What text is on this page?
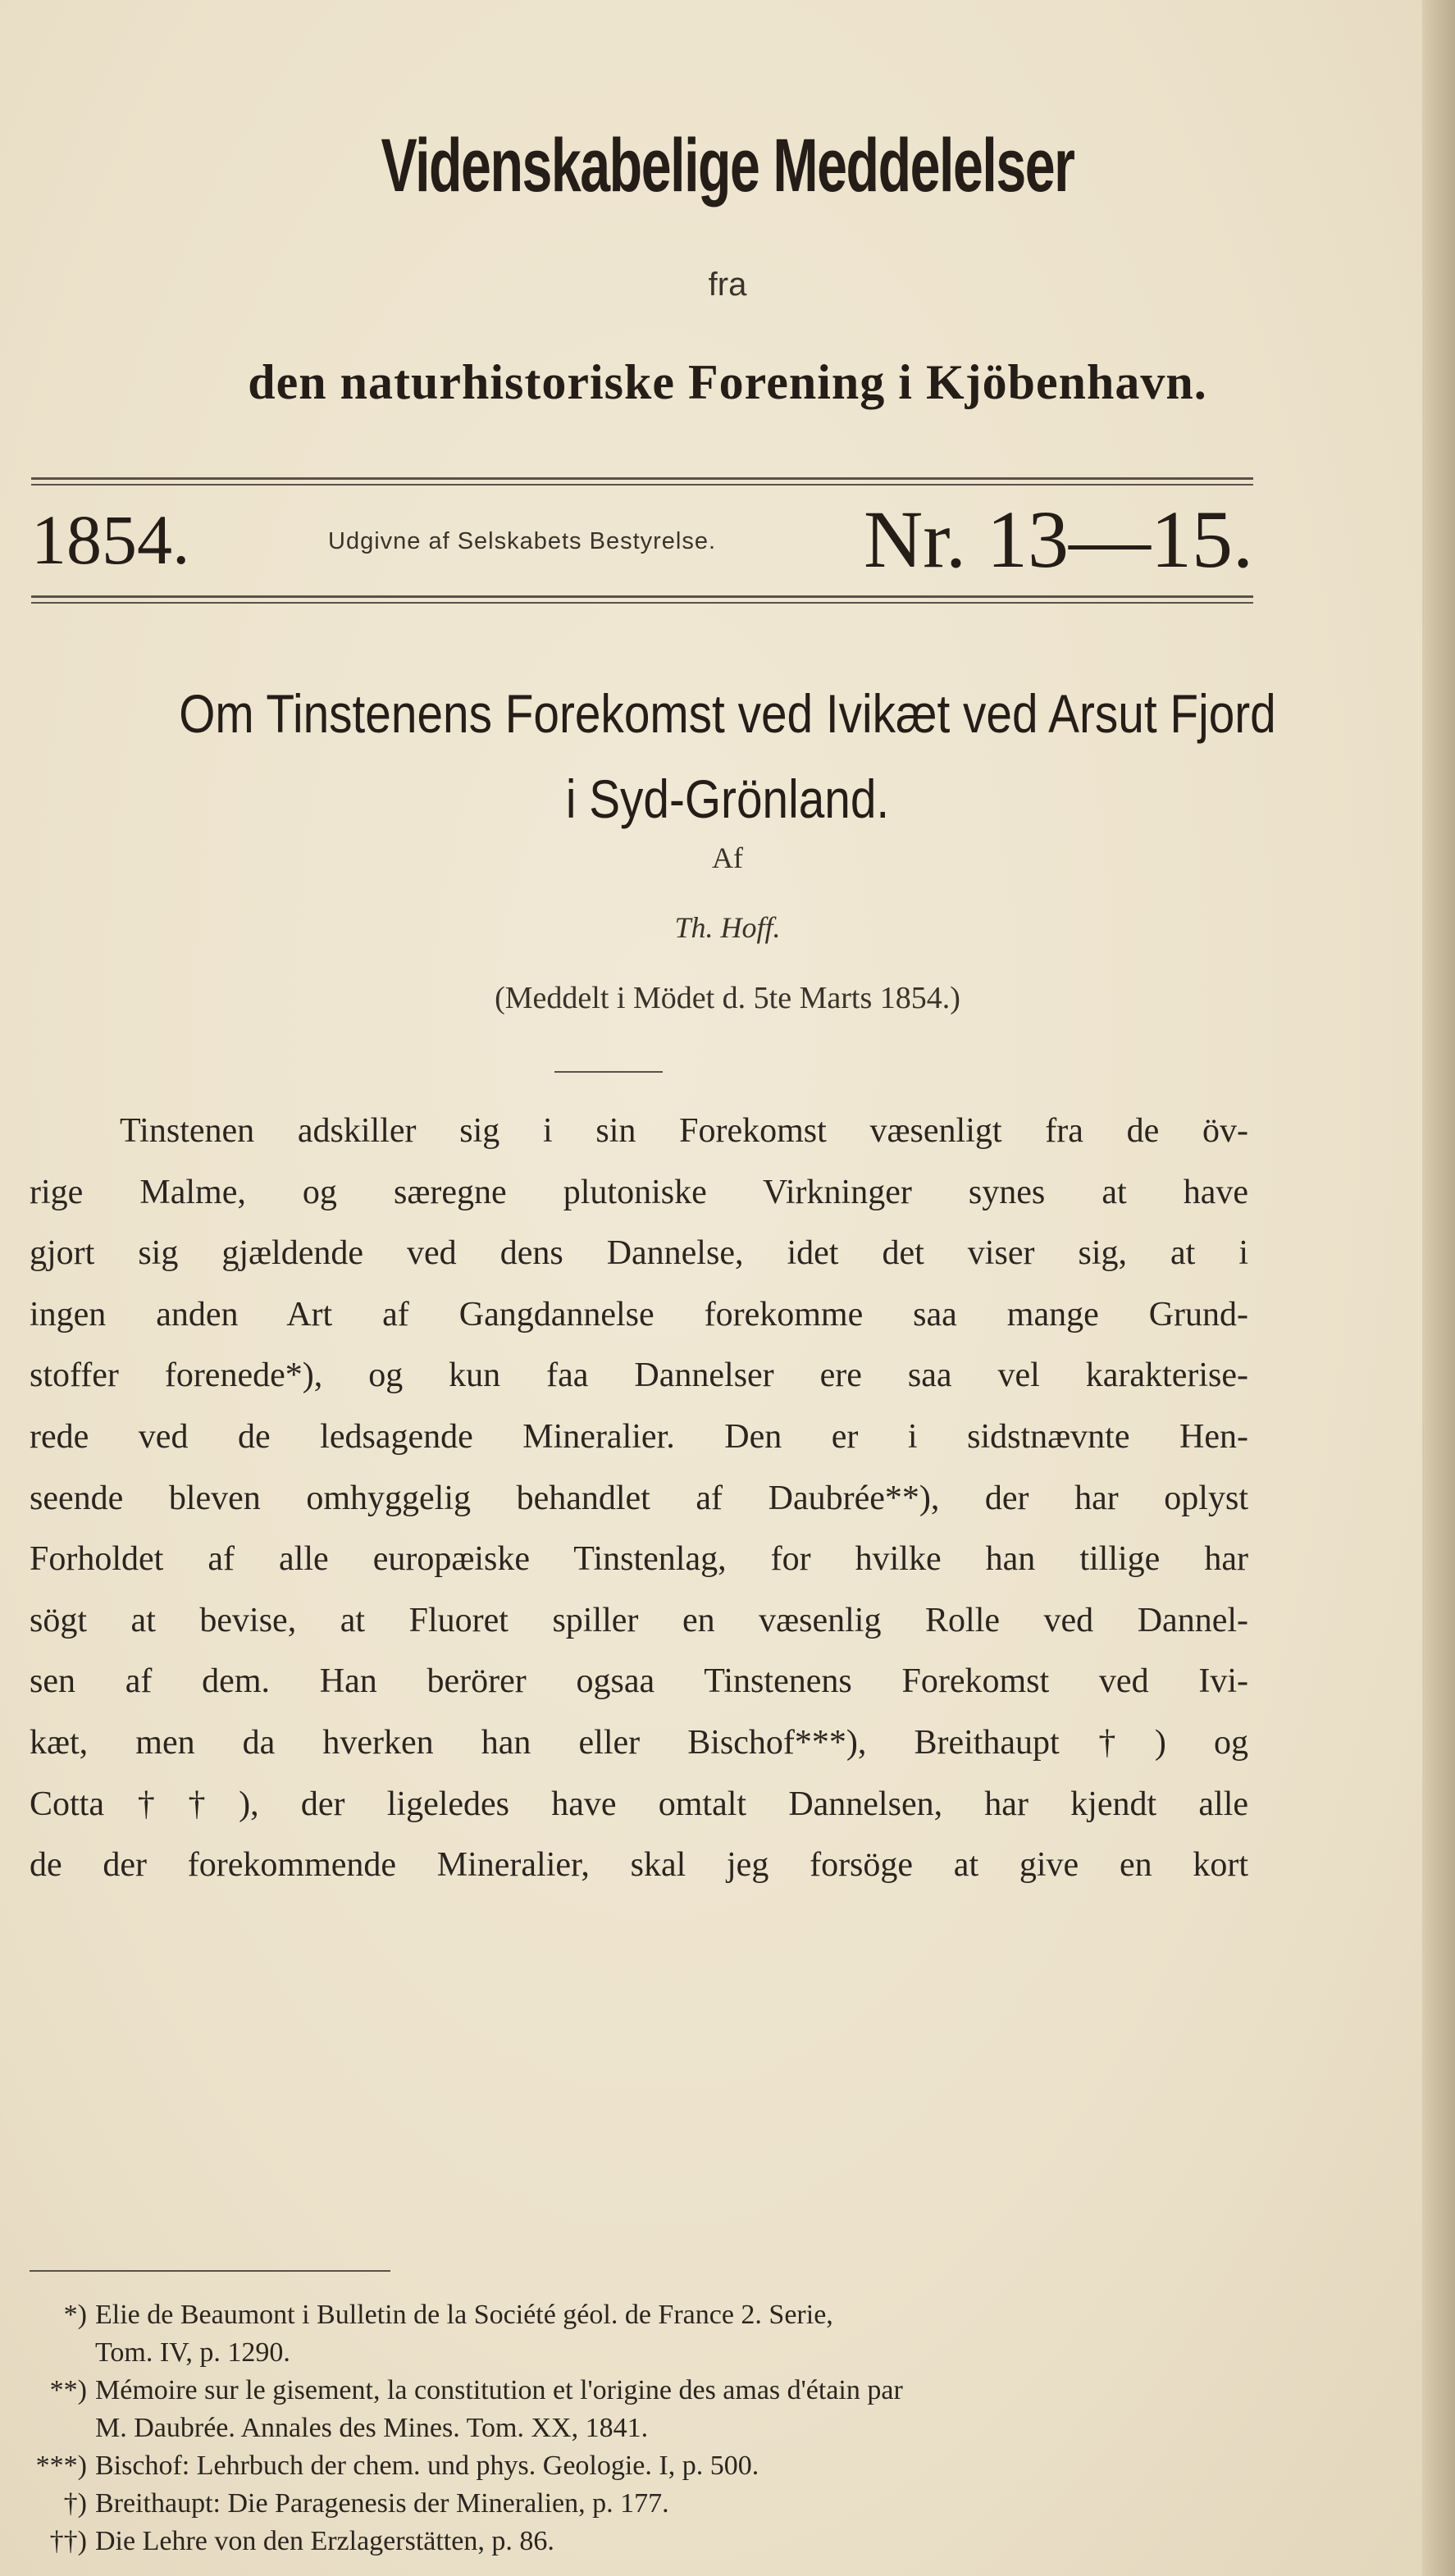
Videnskabelige Meddelelser
fra
den naturhistoriske Forening i Kjöbenhavn.
1854.	Udgivne af Selskabets Bestyrelse. Nr. 13—15.
Om Tinstenens Forekomst ved Ivikæt ved Arsut Fjord
i Syd-Grönland.
Af
Th. Hoff.
(Meddelt i Mödet d. 5te Marts 1854.)
Tinstenen adskiller sig i sin Forekomst væsenligt fra de öv-
rige Malme, og særegne plutoniske Virkninger synes at have
gjort sig gjældende ved dens Dannelse, idet det viser sig, at i
ingen anden Art af Gangdannelse forekomme saa mange Grund-
stoffer forenede*), og kun faa Dannelser ere saa vel karakterise-
rede ved de ledsagende Mineralier. Den er i sidstnævnte Hen-
seende bleven omhyggelig behandlet af Daubrée**), der har oplyst
Forholdet af alle europæiske Tinstenlag, for hvilke han tillige har
sögt at bevise, at Fluoret spiller en væsenlig Rolle ved Dannel-
sen af dem. Han berörer ogsaa Tinstenens Forekomst ved Ivi-
kæt, men da hverken han eller Bischof***), Breithaupt†) og
Cotta††), der ligeledes have omtalt Dannelsen, har kjendt alle
de der forekommende Mineralier, skal jeg forsöge at give en kort
*) Elie de Beaumont i Bulletin de la Société géol. de France 2. Serie,
Tom. IV, p. 1290.
**) Mémoire sur le gisement, la constitution et l'origine des amas d'étain par
M. Daubrée. Annales des Mines. Tom. XX, 1841.
***) Bischof: Lehrbuch der chem. und phys. Geologie. I, p. 500.
†) Breithaupt: Die Paragenesis der Mineralien, p. 177.
††) Die Lehre von den Erzlagerstätten, p. 86.
